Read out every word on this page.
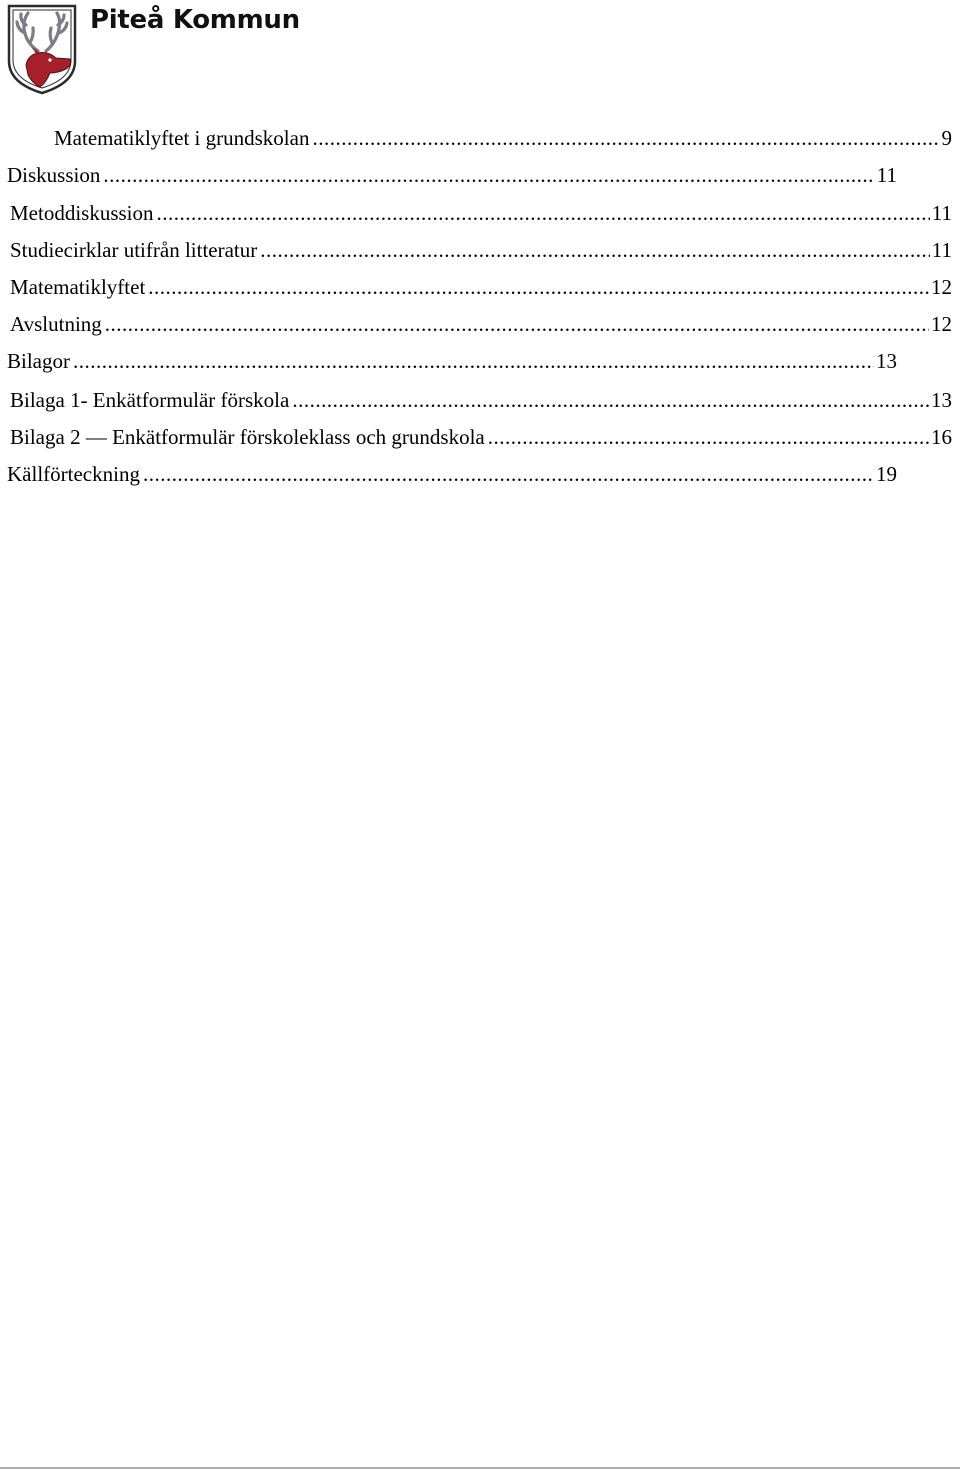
Piteå Kommun
Matematiklyftet i grundskolan .....	9
Diskussion .....	11
Metoddiskussion .....	11
Studiecirklar utifrån litteratur .....	11
Matematiklyftet .....	12
Avslutning .....	12
Bilagor .....	13
Bilaga 1- Enkätformulär förskola .....	13
Bilaga 2 — Enkätformulär förskoleklass och grundskola .....	16
Källförteckning .....	19
